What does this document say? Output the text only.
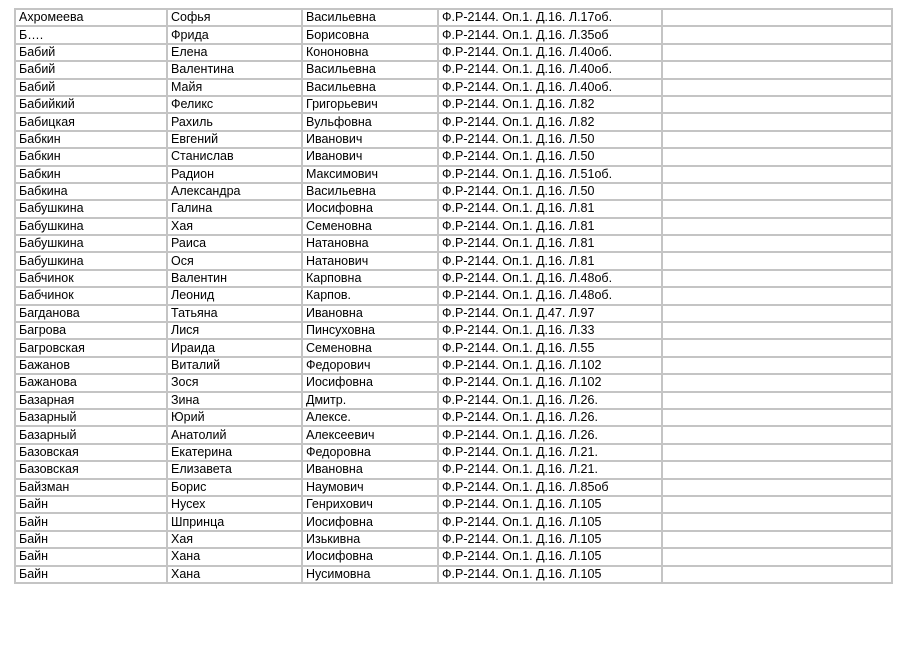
Ахромеева	Софья	Васильевна	Ф.Р-2144. Оп.1. Д.16. Л.17об.	
Б….	Фрида	Борисовна	Ф.Р-2144. Оп.1. Д.16. Л.35об	
Бабий	Елена	Кононовна	Ф.Р-2144. Оп.1. Д.16. Л.40об.	
Бабий	Валентина	Васильевна	Ф.Р-2144. Оп.1. Д.16. Л.40об.	
Бабий	Майя	Васильевна	Ф.Р-2144. Оп.1. Д.16. Л.40об.	
Бабийкий	Феликс	Григорьевич	Ф.Р-2144. Оп.1. Д.16. Л.82	
Бабицкая	Рахиль	Вульфовна	Ф.Р-2144. Оп.1. Д.16. Л.82	
Бабкин	Евгений	Иванович	Ф.Р-2144. Оп.1. Д.16. Л.50	
Бабкин	Станислав	Иванович	Ф.Р-2144. Оп.1. Д.16. Л.50	
Бабкин	Радион	Максимович	Ф.Р-2144. Оп.1. Д.16. Л.51об.	
Бабкина	Александра	Васильевна	Ф.Р-2144. Оп.1. Д.16. Л.50	
Бабушкина	Галина	Иосифовна	Ф.Р-2144. Оп.1. Д.16. Л.81	
Бабушкина	Хая	Семеновна	Ф.Р-2144. Оп.1. Д.16. Л.81	
Бабушкина	Раиса	Натановна	Ф.Р-2144. Оп.1. Д.16. Л.81	
Бабушкина	Ося	Натанович	Ф.Р-2144. Оп.1. Д.16. Л.81	
Бабчинок	Валентин	Карповна	Ф.Р-2144. Оп.1. Д.16. Л.48об.	
Бабчинок	Леонид	Карпов.	Ф.Р-2144. Оп.1. Д.16. Л.48об.	
Багданова	Татьяна	Ивановна	Ф.Р-2144. Оп.1. Д.47. Л.97	
Багрова	Лися	Пинсуховна	Ф.Р-2144. Оп.1. Д.16. Л.33	
Багровская	Ираида	Семеновна	Ф.Р-2144. Оп.1. Д.16. Л.55	
Бажанов	Виталий	Федорович	Ф.Р-2144. Оп.1. Д.16. Л.102	
Бажанова	Зося	Иосифовна	Ф.Р-2144. Оп.1. Д.16. Л.102	
Базарная	Зина	Дмитр.	Ф.Р-2144. Оп.1. Д.16. Л.26.	
Базарный	Юрий	Алексе.	Ф.Р-2144. Оп.1. Д.16. Л.26.	
Базарный	Анатолий	Алексеевич	Ф.Р-2144. Оп.1. Д.16. Л.26.	
Базовская	Екатерина	Федоровна	Ф.Р-2144. Оп.1. Д.16. Л.21.	
Базовская	Елизавета	Ивановна	Ф.Р-2144. Оп.1. Д.16. Л.21.	
Байзман	Борис	Наумович	Ф.Р-2144. Оп.1. Д.16. Л.85об	
Байн	Нусех	Генрихович	Ф.Р-2144. Оп.1. Д.16. Л.105	
Байн	Шпринца	Иосифовна	Ф.Р-2144. Оп.1. Д.16. Л.105	
Байн	Хая	Изькивна	Ф.Р-2144. Оп.1. Д.16. Л.105	
Байн	Хана	Иосифовна	Ф.Р-2144. Оп.1. Д.16. Л.105	
Байн	Хана	Нусимовна	Ф.Р-2144. Оп.1. Д.16. Л.105	
